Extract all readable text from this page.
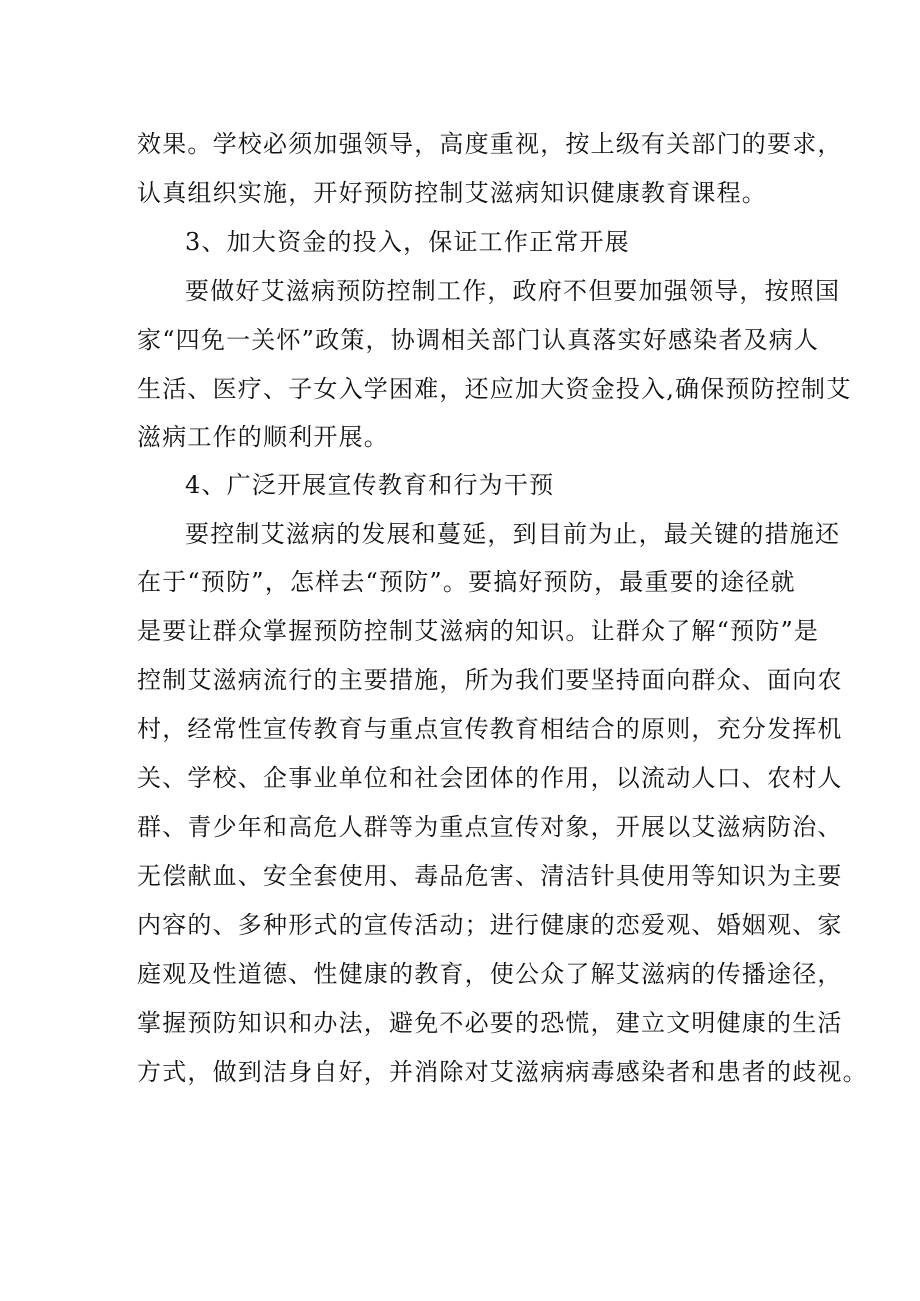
效果。学校必须加强领导，高度重视，按上级有关部门的要求，
认真组织实施，开好预防控制艾滋病知识健康教育课程。
3、加大资金的投入，保证工作正常开展
要做好艾滋病预防控制工作，政府不但要加强领导，按照国
家“四免一关怀”政策，协调相关部门认真落实好感染者及病人
生活、医疗、子女入学困难，还应加大资金投入,确保预防控制艾
滋病工作的顺利开展。
4、广泛开展宣传教育和行为干预
要控制艾滋病的发展和蔓延，到目前为止，最关键的措施还
在于“预防”，怎样去“预防”。要搞好预防，最重要的途径就
是要让群众掌握预防控制艾滋病的知识。让群众了解“预防”是
控制艾滋病流行的主要措施，所为我们要坚持面向群众、面向农
村，经常性宣传教育与重点宣传教育相结合的原则，充分发挥机
关、学校、企事业单位和社会团体的作用，以流动人口、农村人
群、青少年和高危人群等为重点宣传对象，开展以艾滋病防治、
无偿献血、安全套使用、毒品危害、清洁针具使用等知识为主要
内容的、多种形式的宣传活动；进行健康的恋爱观、婚姻观、家
庭观及性道德、性健康的教育，使公众了解艾滋病的传播途径，
掌握预防知识和办法，避免不必要的恐慌，建立文明健康的生活
方式，做到洁身自好，并消除对艾滋病病毒感染者和患者的歧视。
